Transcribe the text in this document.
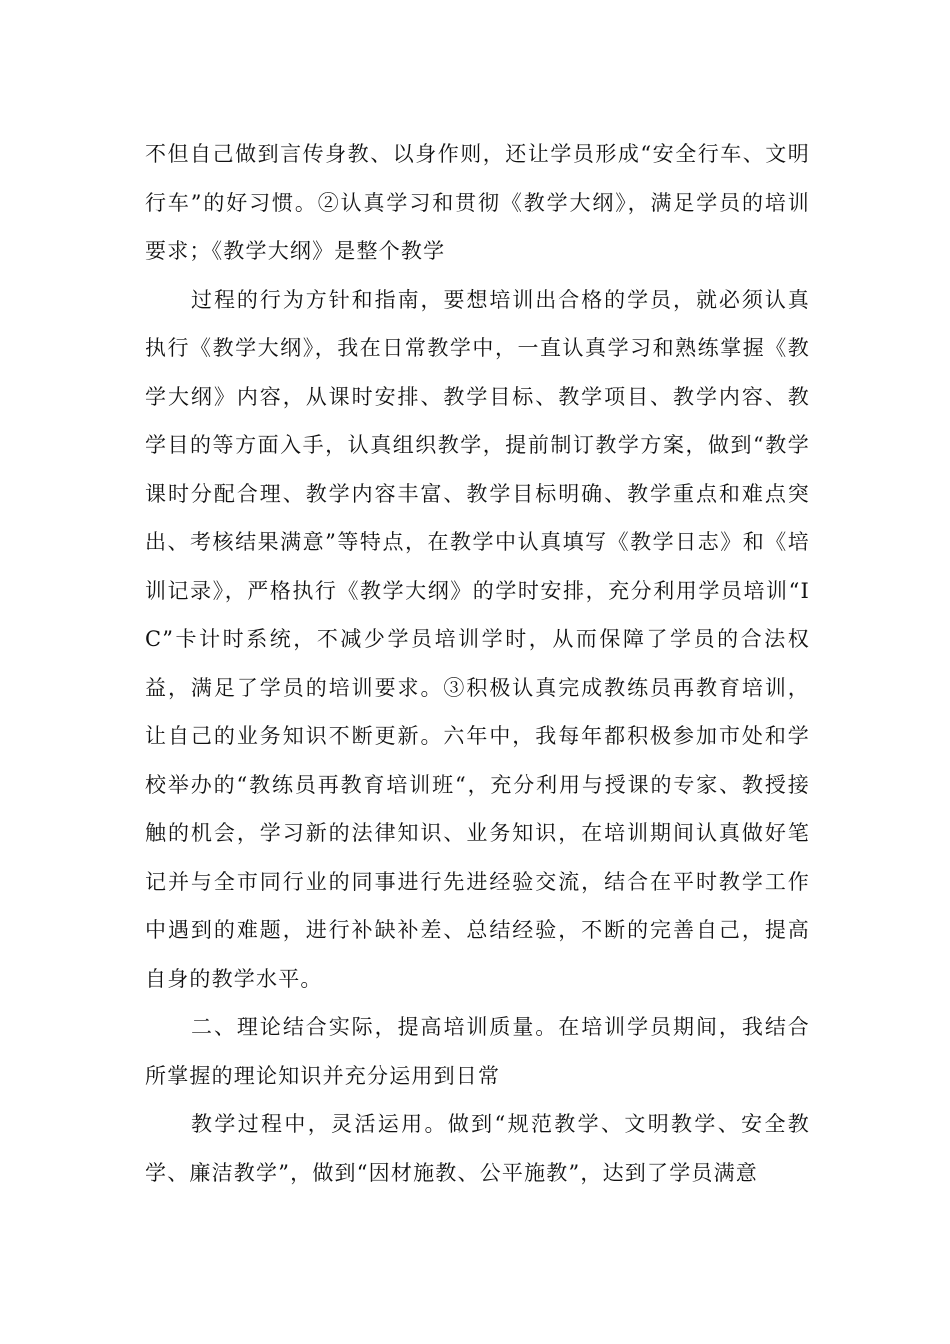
不但自己做到言传身教、以身作则，还让学员形成“安全行车、文明行车”的好习惯。②认真学习和贯彻《教学大纲》，满足学员的培训要求；《教学大纲》是整个教学

过程的行为方针和指南，要想培训出合格的学员，就必须认真执行《教学大纲》，我在日常教学中，一直认真学习和熟练掌握《教学大纲》内容，从课时安排、教学目标、教学项目、教学内容、教学目的等方面入手，认真组织教学，提前制订教学方案，做到“教学课时分配合理、教学内容丰富、教学目标明确、教学重点和难点突出、考核结果满意”等特点，在教学中认真填写《教学日志》和《培训记录》，严格执行《教学大纲》的学时安排，充分利用学员培训“IC”卡计时系统，不减少学员培训学时，从而保障了学员的合法权益，满足了学员的培训要求。③积极认真完成教练员再教育培训，让自己的业务知识不断更新。六年中，我每年都积极参加市处和学校举办的“教练员再教育培训班“，充分利用与授课的专家、教授接触的机会，学习新的法律知识、业务知识，在培训期间认真做好笔记并与全市同行业的同事进行先进经验交流，结合在平时教学工作中遇到的难题，进行补缺补差、总结经验，不断的完善自己，提高自身的教学水平。

二、理论结合实际，提高培训质量。在培训学员期间，我结合所掌握的理论知识并充分运用到日常

教学过程中，灵活运用。做到“规范教学、文明教学、安全教学、廉洁教学”，做到“因材施教、公平施教”，达到了学员满意
